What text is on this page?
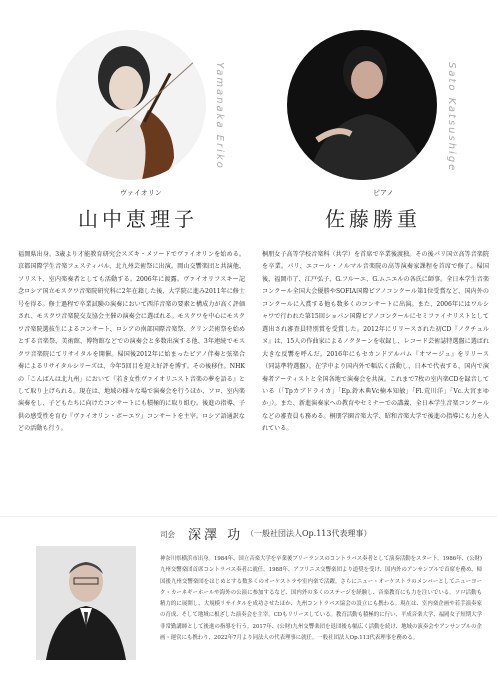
Yamanaka Eriko
ヴァイオリン
山中恵理子
Sato Katsushige
ピアノ
佐藤勝重

福岡県出身。3歳より才能教育研究会スズキ・メソードでヴァイオリンを始める。京都国際学生音楽フェスティバル、北九州芸術祭に出演。岡山交響楽団と共演他、ソリスト、室内楽奏者としても活動する。2006年に渡露。ヴァイオリフスキー記念ロシア国立モスクワ音楽院研究科に2年在籍した後、大学院に進み2011年に修士号を得る。修士過程で卒業試験の演奏において西洋音楽の要素と構成力が高く評価され、モスクワ音楽院交友協会主催の演奏会に選ばれる。モスクワを中心にモスクワ音楽院選抜生によるコンサート、ロシアの南部国際音楽祭、クリン芸術祭を始めとする音楽祭、美術館、博物館などでの演奏会と多数出演する他、3年連続でモスクワ音楽院にてリサイタルを開催。帰国後2012年に始まったピアノ伴奏と弦楽合奏によるリサイタルシリーズは、今年5回目を迎え好評を博す。その後移住。NHKの「こんばんは北九州」において『若き女性ヴァイオリニスト音楽の夢を語る』として取り上げられる。現在は、地域の様々な場で演奏会を行うほか、ソロ、室内楽演奏をし、子どもたちに向けたコンサートにも積極的に取り組む。後進の指導、子供の感受性を育む『ヴァイオリン・ボーエワ』コンサートを主宰。ロシア語通訳などの活動も行う。

桐朋女子高等学校音楽科（共学）を首席で卒業後渡独。その後パリ国立高等音楽院を卒業。パリ、エコール・ノルマル音楽院の高等演奏家課程を首席で修了。帰国後、福岡市了、江戸弘子、G.フルーエ、G.ムニエルの各氏に師事。全日本学生音楽コンクール全国大会優勝やSOFIA国際ピアノコンクール第1位受賞など、国内外のコンクールに入賞する他も数多くのコンサートに出演。また、2006年にはワルシャワで行われた第15回ショパン国際ピアノコンクールにセミファイナリストとして選出され審査員特別賞を受賞した。2012年にリリースされた初CD『ノクチュルヌ』は、15人の作曲家によるノクターンを収録し、レコード芸術誌特選盤に選ばれ大きな反響を呼んだ。2016年にもセカンドアルバム『オマージュ』をリリース（同誌準特選盤）。在学中より国内外で幅広く活動し、日本で代表する、国内で演奏者アーティストと全国各地で演奏会を共演。これまで7枚の室内楽CDを録音している（「Tpカブドライカ」「Ep.鈴木典Vc楠本知敏」「Fl.荒川洋」「Vc.大宮まゆか」）。また、新進演奏家への教育やセミナーでの講義、全日本学生音楽コンクールなどの審査員も務める。桐朋学園音楽大学、昭和音楽大学で後進の指導にも力を入れている。

司会 深澤 功 （一般社団法人Op.113代表理事）

神奈川県横浜市出身。1984年、国立音楽大学を卒業後ブリーランスのコントラバス奏者として演奏活動をスタート。1986年、(公財)九州交響楽団首席コントラバス奏者に就任。1988年、アフリニス交響楽団より道奨を受け、国内外のアンサンブルで首席を務め、帰国後九州交響楽団をはじめとする数多くのオーケストラや室内楽で活躍。さらにニュー・オーケストラのメンバーとしてニューヨーク・カーネギーホールや海外の公演に参加するなど、国内外の多くのステージを経験し、音楽教育にも力を注いでいる。ソロ活動も精力的に展開し、大規模リサイタルを成功させたほか、九州コントラバス協会の設立にも携わる。現在は、室内楽企画や若手演奏家の育成、そして地域に根ざした演奏会を主宰。CDもリリースしている。教育活動も積極的に行い、平成音楽大学、福岡女子短期大学非常勤講師として後進の指導を行う。2017年、(公財)九州交響楽団を退団後も幅広く活動を続け、地域の演奏会やアンサンブルの企画・運営にも携わり、2022年7月より同法人の代表理事に就任。一般社団法人Op.113代表理事を務める。
